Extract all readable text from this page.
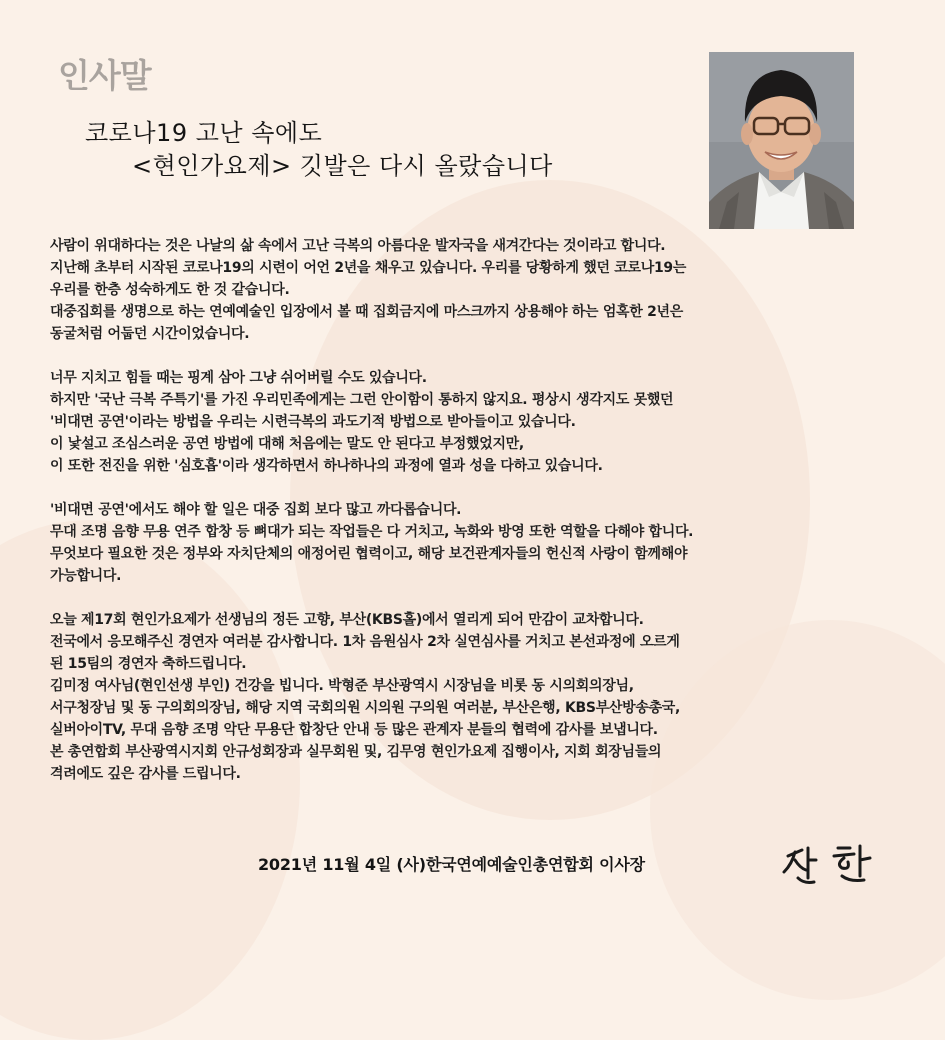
인사말
코로나19 고난 속에도
<현인가요제> 깃발은 다시 올랐습니다
사람이 위대하다는 것은 나날의 삶 속에서 고난 극복의 아름다운 발자국을 새겨간다는 것이라고 합니다.
지난해 초부터 시작된 코로나19의 시련이 어언 2년을 채우고 있습니다. 우리를 당황하게 했던 코로나19는
우리를 한층 성숙하게도 한 것 같습니다.
대중집회를 생명으로 하는 연예예술인 입장에서 볼 때 집회금지에 마스크까지 상용해야 하는 엄혹한 2년은
동굴처럼 어둡던 시간이었습니다.
너무 지치고 힘들 때는 핑계 삼아 그냥 쉬어버릴 수도 있습니다.
하지만 '국난 극복 주특기'를 가진 우리민족에게는 그런 안이함이 통하지 않지요. 평상시 생각지도 못했던
'비대면 공연'이라는 방법을 우리는 시련극복의 과도기적 방법으로 받아들이고 있습니다.
이 낯설고 조심스러운 공연 방법에 대해 처음에는 말도 안 된다고 부정했었지만,
이 또한 전진을 위한 '심호흡'이라 생각하면서 하나하나의 과정에 열과 성을 다하고 있습니다.
'비대면 공연'에서도 해야 할 일은 대중 집회 보다 많고 까다롭습니다.
무대 조명 음향 무용 연주 합창 등 뼈대가 되는 작업들은 다 거치고, 녹화와 방영 또한 역할을 다해야 합니다.
무엇보다 필요한 것은 정부와 자치단체의 애정어린 협력이고, 해당 보건관계자들의 헌신적 사랑이 함께해야
가능합니다.
오늘 제17회 현인가요제가 선생님의 정든 고향, 부산(KBS홀)에서 열리게 되어 만감이 교차합니다.
전국에서 응모해주신 경연자 여러분 감사합니다. 1차 음원심사 2차 실연심사를 거치고 본선과정에 오르게
된 15팀의 경연자 축하드립니다.
김미정 여사님(현인선생 부인) 건강을 빕니다. 박형준 부산광역시 시장님을 비롯 동 시의회의장님,
서구청장님 및 동 구의회의장님, 해당 지역 국회의원 시의원 구의원 여러분, 부산은행, KBS부산방송총국,
실버아이TV, 무대 음향 조명 악단 무용단 합창단 안내 등 많은 관계자 분들의 협력에 감사를 보냅니다.
본 총연합회 부산광역시지회 안규성회장과 실무회원 및, 김무영 현인가요제 집행이사, 지회 회장님들의
격려에도 깊은 감사를 드립니다.
2021년 11월 4일 (사)한국연예예술인총연합회 이사장
